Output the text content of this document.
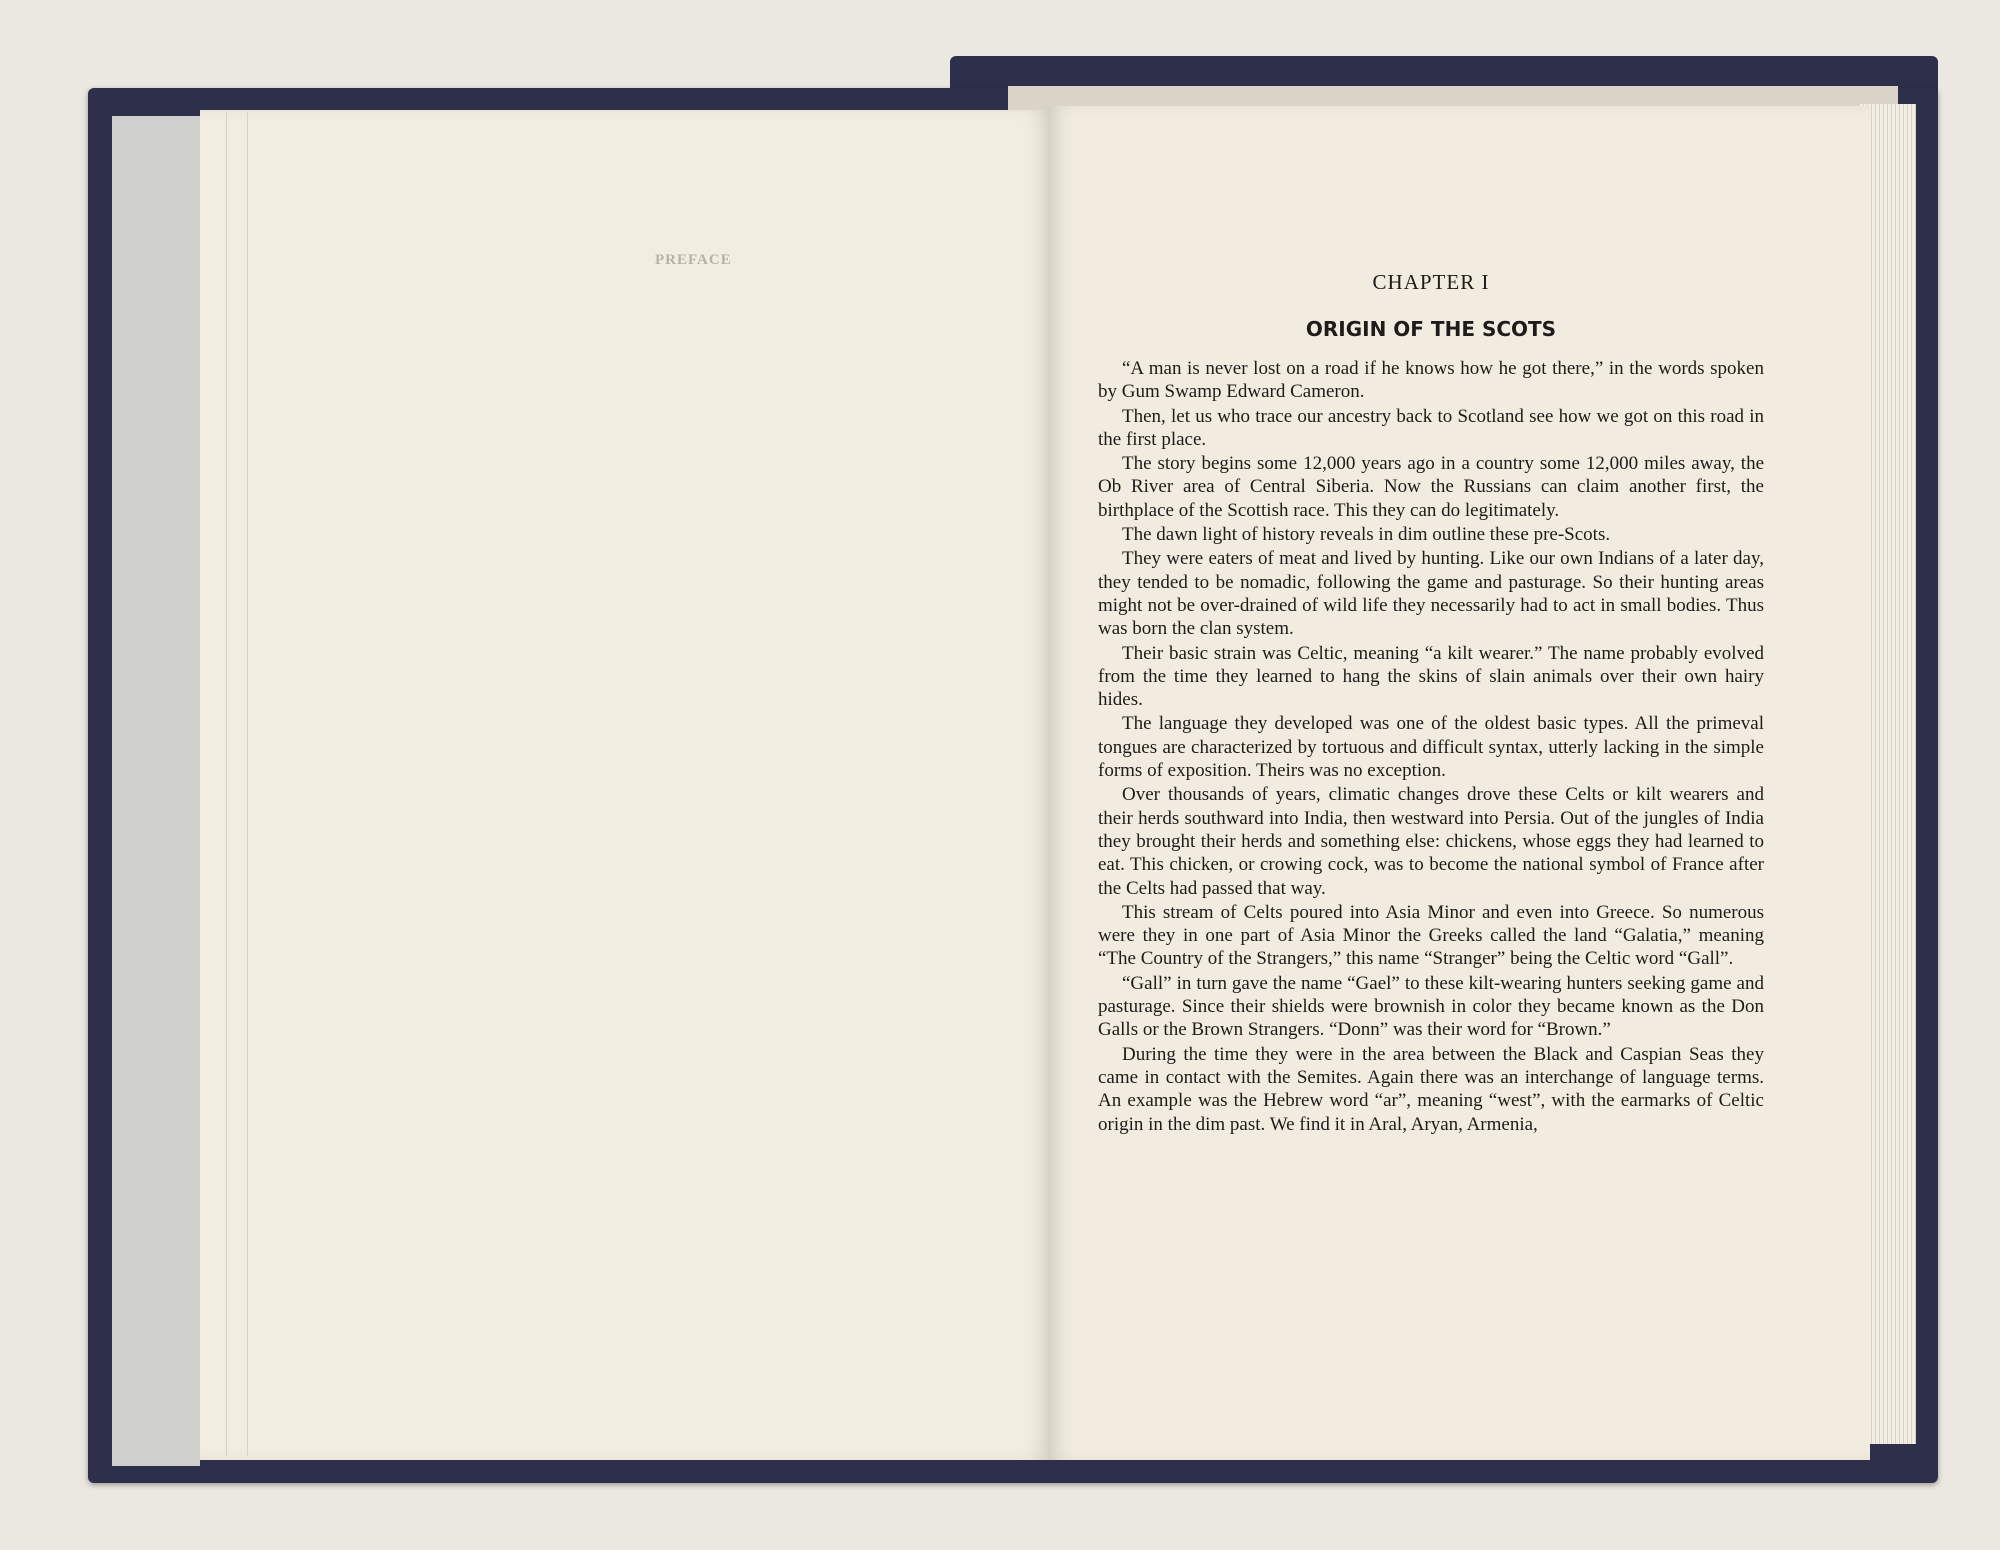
PREFACE
CHAPTER I
ORIGIN OF THE SCOTS

“A man is never lost on a road if he knows how he got there,” in the words spoken by Gum Swamp Edward Cameron.

Then, let us who trace our ancestry back to Scotland see how we got on this road in the first place.

The story begins some 12,000 years ago in a country some 12,000 miles away, the Ob River area of Central Siberia. Now the Russians can claim another first, the birthplace of the Scottish race. This they can do legitimately.

The dawn light of history reveals in dim outline these pre-Scots.

They were eaters of meat and lived by hunting. Like our own Indians of a later day, they tended to be nomadic, following the game and pasturage. So their hunting areas might not be over-drained of wild life they necessarily had to act in small bodies. Thus was born the clan system.

Their basic strain was Celtic, meaning “a kilt wearer.” The name probably evolved from the time they learned to hang the skins of slain animals over their own hairy hides.

The language they developed was one of the oldest basic types. All the primeval tongues are characterized by tortuous and difficult syntax, utterly lacking in the simple forms of exposition. Theirs was no exception.

Over thousands of years, climatic changes drove these Celts or kilt wearers and their herds southward into India, then westward into Persia. Out of the jungles of India they brought their herds and something else: chickens, whose eggs they had learned to eat. This chicken, or crowing cock, was to become the national symbol of France after the Celts had passed that way.

This stream of Celts poured into Asia Minor and even into Greece. So numerous were they in one part of Asia Minor the Greeks called the land “Galatia,” meaning “The Country of the Strangers,” this name “Stranger” being the Celtic word “Gall”.

“Gall” in turn gave the name “Gael” to these kilt-wearing hunters seeking game and pasturage. Since their shields were brownish in color they became known as the Don Galls or the Brown Strangers. “Donn” was their word for “Brown.”

During the time they were in the area between the Black and Caspian Seas they came in contact with the Semites. Again there was an interchange of language terms. An example was the Hebrew word “ar”, meaning “west”, with the earmarks of Celtic origin in the dim past. We find it in Aral, Aryan, Armenia,
